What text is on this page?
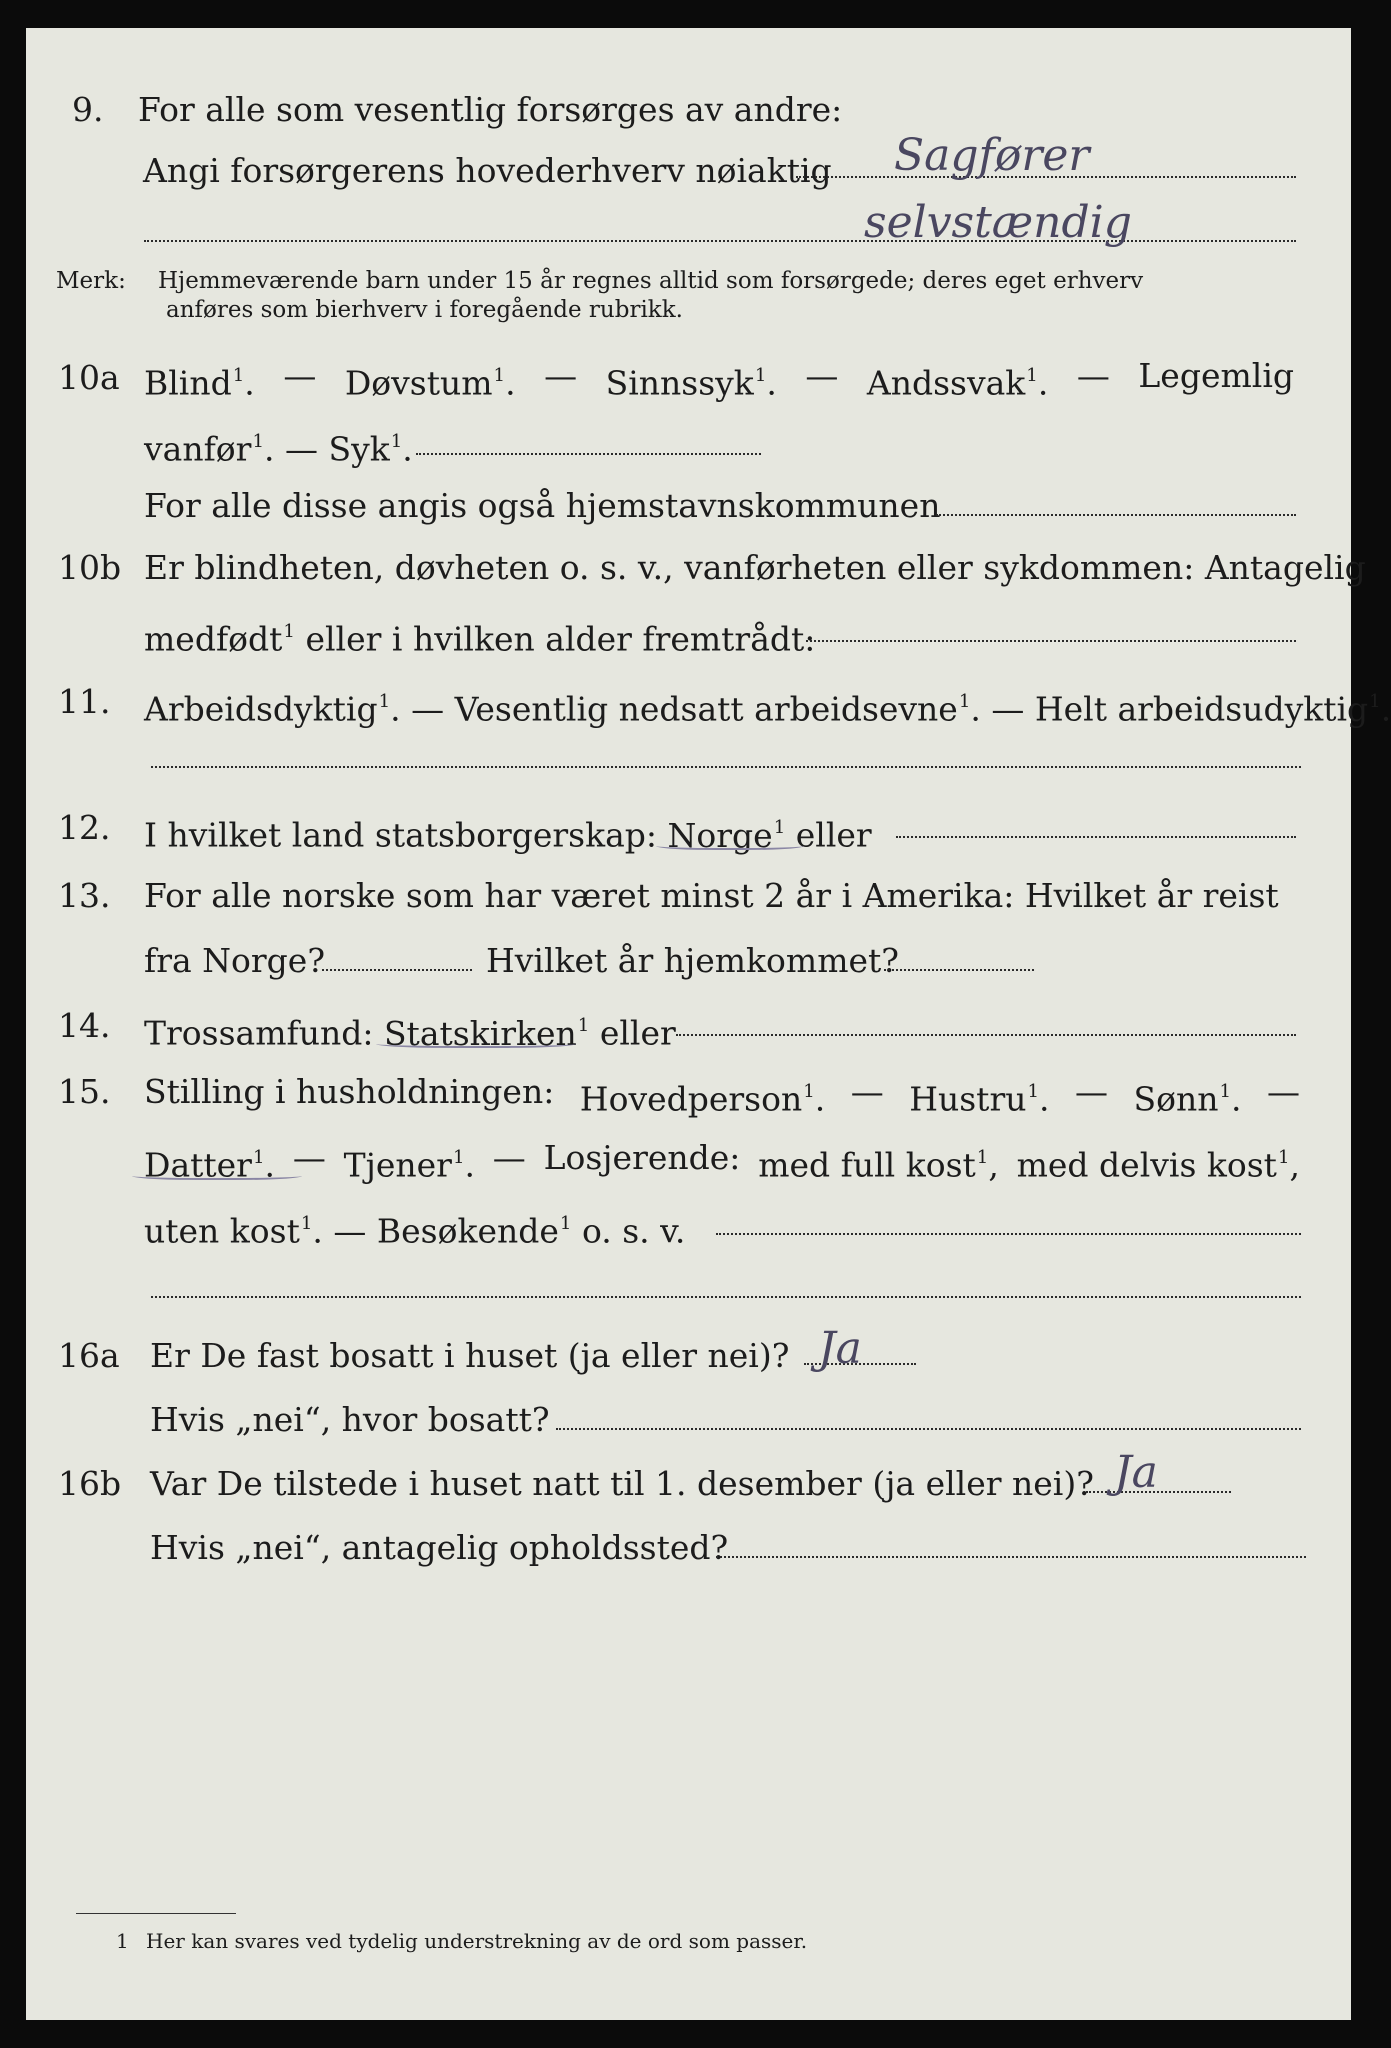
9. For alle som vesentlig forsørges av andre:
Angi forsørgerens hovederhverv nøiaktig Sagfører
selvstændig
Merk: Hjemmeværende barn under 15 år regnes alltid som forsørgede; deres eget erhverv
anføres som bierhverv i foregående rubrikk.
10a Blind$^1$. — Døvstum$^1$. — Sinnssyk$^1$. — Andssvak$^1$. — Legemlig
vanfør$^1$. — Syk$^1$.
For alle disse angis også hjemstavnskommunen
10b Er blindheten, døvheten o. s. v., vanførheten eller sykdommen: Antagelig
medfødt$^1$ eller i hvilken alder fremtrådt:
11. Arbeidsdyktig$^1$. — Vesentlig nedsatt arbeidsevne$^1$. — Helt arbeidsudyktig$^1$.
12. I hvilket land statsborgerskap: Norge$^1$ eller
13. For alle norske som har været minst 2 år i Amerika: Hvilket år reist
fra Norge?	Hvilket år hjemkommet?
14. Trossamfund: Statskirken$^1$ eller
15. Stilling i husholdningen: Hovedperson$^1$. — Hustru$^1$. — Sønn$^1$. —
Datter$^1$. — Tjener$^1$. — Losjerende: med full kost$^1$, med delvis kost$^1$,
uten kost$^1$. — Besøkende$^1$ o. s. v.
16a Er De fast bosatt i huset (ja eller nei)? Ja
Hvis „nei“, hvor bosatt?
16b Var De tilstede i huset natt til 1. desember (ja eller nei)? Ja
Hvis „nei“, antagelig opholdssted?
1 Her kan svares ved tydelig understrekning av de ord som passer.
